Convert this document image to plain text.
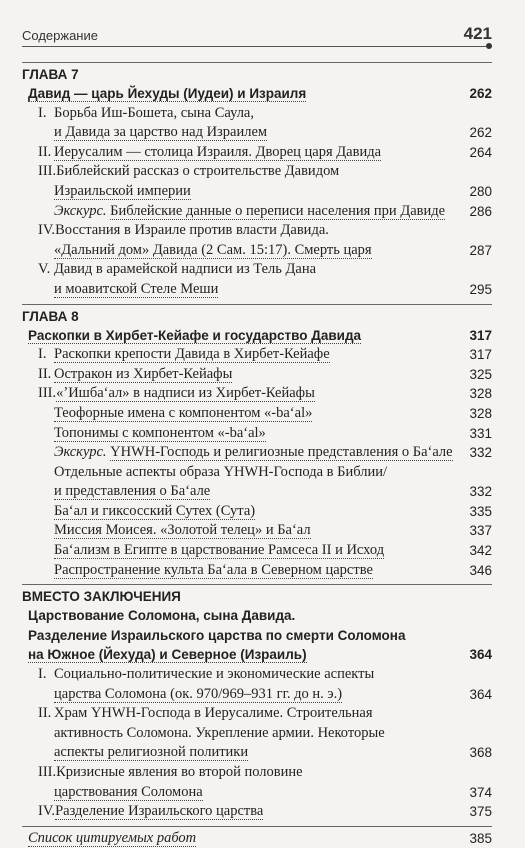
Содержание	421
ГЛАВА 7
Давид — царь Йехуды (Иудеи) и Израиля	262
I. Борьба Иш-Бошета, сына Саула,
и Давида за царство над Израилем	262
II. Иерусалим — столица Израиля. Дворец царя Давида	264
III.Библейский рассказ о строительстве Давидом
Израильской империи	280
Экскурс. Библейские данные о переписи населения при Давиде 286
IV.Восстания в Израиле против власти Давида.
«Дальний дом» Давида (2 Сам. 15:17). Смерть царя	287
V. Давид в арамейской надписи из Тель Дана
и моавитской Стеле Меши	295
ГЛАВА 8
Раскопки в Хирбет-Кейафе и государство Давида	317
I. Раскопки крепости Давида в Хирбет-Кейафе	317
II. Остракон из Хирбет-Кейафы	325
III.«ʼИшба‘ал» в надписи из Хирбет-Кейафы	328
Теофорные имена с компонентом «-ba‘al»	328
Топонимы с компонентом «-ba‘al»	331
Экскурс. YHWH-Господь и религиозные представления о Ба‘але 332
Отдельные аспекты образа YHWH-Господа в Библии/
и представления о Ба‘але	332
Ба‘ал и гиксосский Сутех (Сута)	335
Миссия Моисея. «Золотой телец» и Ба‘ал	337
Ба‘ализм в Египте в царствование Рамсеса II и Исход	342
Распространение культа Ба‘ала в Северном царстве	346
ВМЕСТО ЗАКЛЮЧЕНИЯ
Царствование Соломона, сына Давида.
Разделение Израильского царства по смерти Соломона
на Южное (Йехуда) и Северное (Израиль)	364
I. Социально-политические и экономические аспекты
царства Соломона (ок. 970/969–931 гг. до н. э.)	364
II. Храм YHWH-Господа в Иерусалиме. Строительная
активность Соломона. Укрепление армии. Некоторые
аспекты религиозной политики	368
III.Кризисные явления во второй половине
царствования Соломона	374
IV.Разделение Израильского царства	375
Список цитируемых работ	385
